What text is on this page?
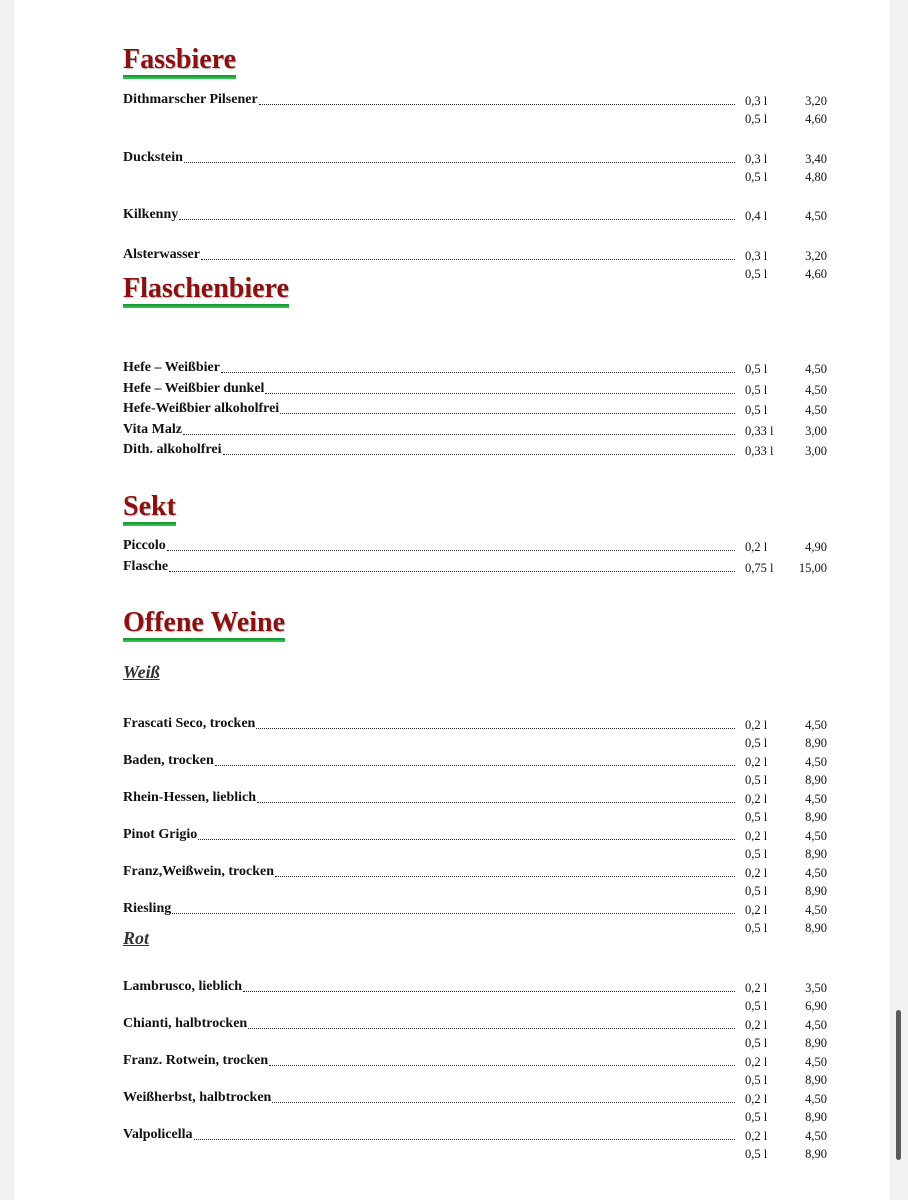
Fassbiere
Dithmarscher Pilsener	0,3 l	3,20
0,5 l	4,60
Duckstein	0,3 l	3,40
0,5 l	4,80
Kilkenny	0,4 l	4,50
Alsterwasser	0,3 l	3,20
0,5 l	4,60
Flaschenbiere
Hefe – Weißbier	0,5 l	4,50
Hefe – Weißbier dunkel	0,5 l	4,50
Hefe-Weißbier alkoholfrei	0,5 l	4,50
Vita Malz	0,33 l	3,00
Dith. alkoholfrei	0,33 l	3,00
Sekt
Piccolo	0,2 l	4,90
Flasche	0,75 l	15,00
Offene Weine
Weiß
Frascati Seco, trocken	0,2 l	4,50
0,5 l	8,90
Baden, trocken	0,2 l	4,50
0,5 l	8,90
Rhein-Hessen, lieblich	0,2 l	4,50
0,5 l	8,90
Pinot Grigio	0,2 l	4,50
0,5 l	8,90
Franz,Weißwein, trocken	0,2 l	4,50
0,5 l	8,90
Riesling	0,2 l	4,50
0,5 l	8,90
Rot
Lambrusco, lieblich	0,2 l	3,50
0,5 l	6,90
Chianti, halbtrocken	0,2 l	4,50
0,5 l	8,90
Franz. Rotwein, trocken	0,2 l	4,50
0,5 l	8,90
Weißherbst, halbtrocken	0,2 l	4,50
0,5 l	8,90
Valpolicella	0,2 l	4,50
0,5 l	8,90
